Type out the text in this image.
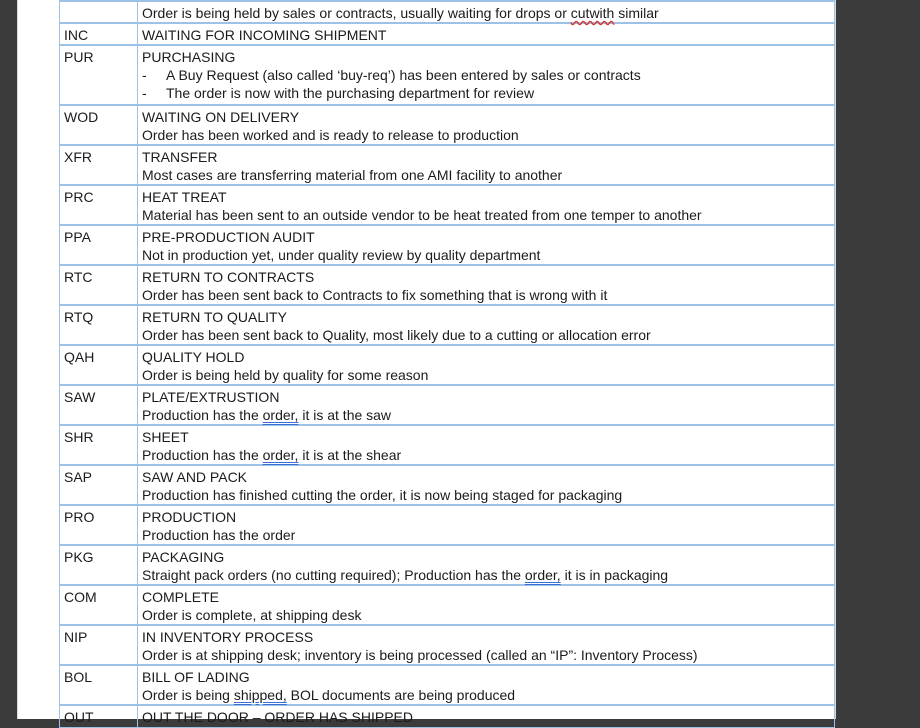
	Order is being held by sales or contracts, usually waiting for drops or cutwith similar
INC	WAITING FOR INCOMING SHIPMENT

PUR	PURCHASING
- A Buy Request (also called ‘buy-req’) has been entered by sales or contracts
- The order is now with the purchasing department for review

WOD	WAITING ON DELIVERY
Order has been worked and is ready to release to production

XFR	TRANSFER
Most cases are transferring material from one AMI facility to another

PRC	HEAT TREAT
Material has been sent to an outside vendor to be heat treated from one temper to another

PPA	PRE-PRODUCTION AUDIT
Not in production yet, under quality review by quality department

RTC	RETURN TO CONTRACTS
Order has been sent back to Contracts to fix something that is wrong with it

RTQ	RETURN TO QUALITY
Order has been sent back to Quality, most likely due to a cutting or allocation error

QAH	QUALITY HOLD
Order is being held by quality for some reason

SAW	PLATE/EXTRUSTION
Production has the order, it is at the saw

SHR	SHEET
Production has the order, it is at the shear

SAP	SAW AND PACK
Production has finished cutting the order, it is now being staged for packaging

PRO	PRODUCTION
Production has the order

PKG	PACKAGING
Straight pack orders (no cutting required); Production has the order, it is in packaging

COM	COMPLETE
Order is complete, at shipping desk

NIP	IN INVENTORY PROCESS
Order is at shipping desk; inventory is being processed (called an “IP”: Inventory Process)

BOL	BILL OF LADING
Order is being shipped, BOL documents are being produced

OUT	OUT THE DOOR – ORDER HAS SHIPPED
